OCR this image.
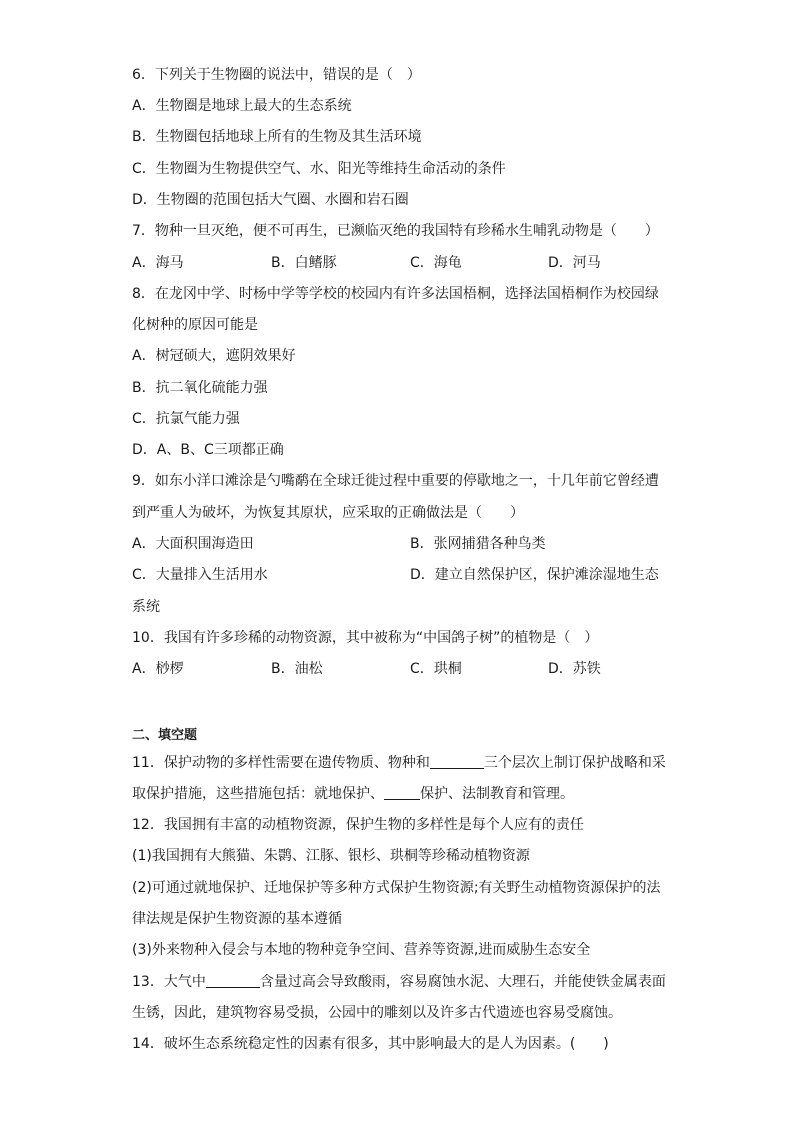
6．下列关于生物圈的说法中，错误的是（　）
A．生物圈是地球上最大的生态系统
B．生物圈包括地球上所有的生物及其生活环境
C．生物圈为生物提供空气、水、阳光等维持生命活动的条件
D．生物圈的范围包括大气圈、水圈和岩石圈
7．物种一旦灭绝，便不可再生，已濒临灭绝的我国特有珍稀水生哺乳动物是（　　）
A．海马	B．白鳍豚	C．海龟	D．河马
8．在龙冈中学、时杨中学等学校的校园内有许多法国梧桐，选择法国梧桐作为校园绿
化树种的原因可能是
A．树冠硕大，遮阴效果好
B．抗二氧化硫能力强
C．抗氯气能力强
D．A、B、C三项都正确
9．如东小洋口滩涂是勺嘴鹬在全球迁徙过程中重要的停歇地之一，十几年前它曾经遭
到严重人为破坏，为恢复其原状，应采取的正确做法是（　　）
A．大面积围海造田	B．张网捕猎各种鸟类
C．大量排入生活用水	D．建立自然保护区，保护滩涂湿地生态
系统
10．我国有许多珍稀的动物资源，其中被称为“中国鸽子树”的植物是（　）
A．桫椤	B．油松	C．珙桐	D．苏铁
二、填空题
11．保护动物的多样性需要在遗传物质、物种和	三个层次上制订保护战略和采
取保护措施，这些措施包括：就地保护、	保护、法制教育和管理。
12．我国拥有丰富的动植物资源，保护生物的多样性是每个人应有的责任
(1)我国拥有大熊猫、朱鹮、江豚、银杉、珙桐等珍稀动植物资源
(2)可通过就地保护、迁地保护等多种方式保护生物资源;有关野生动植物资源保护的法
律法规是保护生物资源的基本遵循
(3)外来物种入侵会与本地的物种竞争空间、营养等资源,进而威胁生态安全
13．大气中	含量过高会导致酸雨，容易腐蚀水泥、大理石，并能使铁金属表面
生锈，因此，建筑物容易受损，公园中的雕刻以及许多古代遗迹也容易受腐蚀。
14．破坏生态系统稳定性的因素有很多，其中影响最大的是人为因素。(　　)
